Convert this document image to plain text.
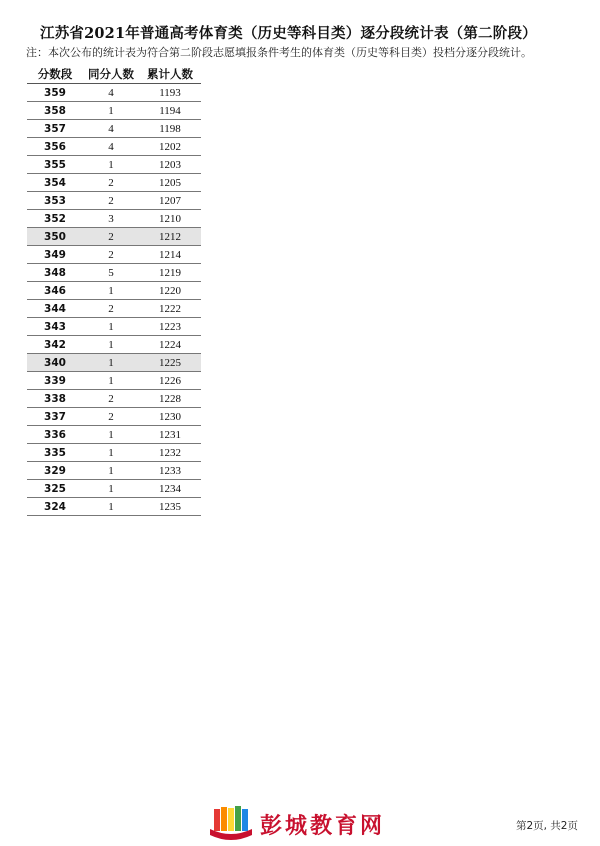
江苏省2021年普通高考体育类（历史等科目类）逐分段统计表（第二阶段）
注：本次公布的统计表为符合第二阶段志愿填报条件考生的体育类（历史等科目类）投档分逐分段统计。
分数段	同分人数	累计人数
359	4	1193
358	1	1194
357	4	1198
356	4	1202
355	1	1203
354	2	1205
353	2	1207
352	3	1210
350	2	1212
349	2	1214
348	5	1219
346	1	1220
344	2	1222
343	1	1223
342	1	1224
340	1	1225
339	1	1226
338	2	1228
337	2	1230
336	1	1231
335	1	1232
329	1	1233
325	1	1234
324	1	1235
彭城教育网	第2页, 共2页
